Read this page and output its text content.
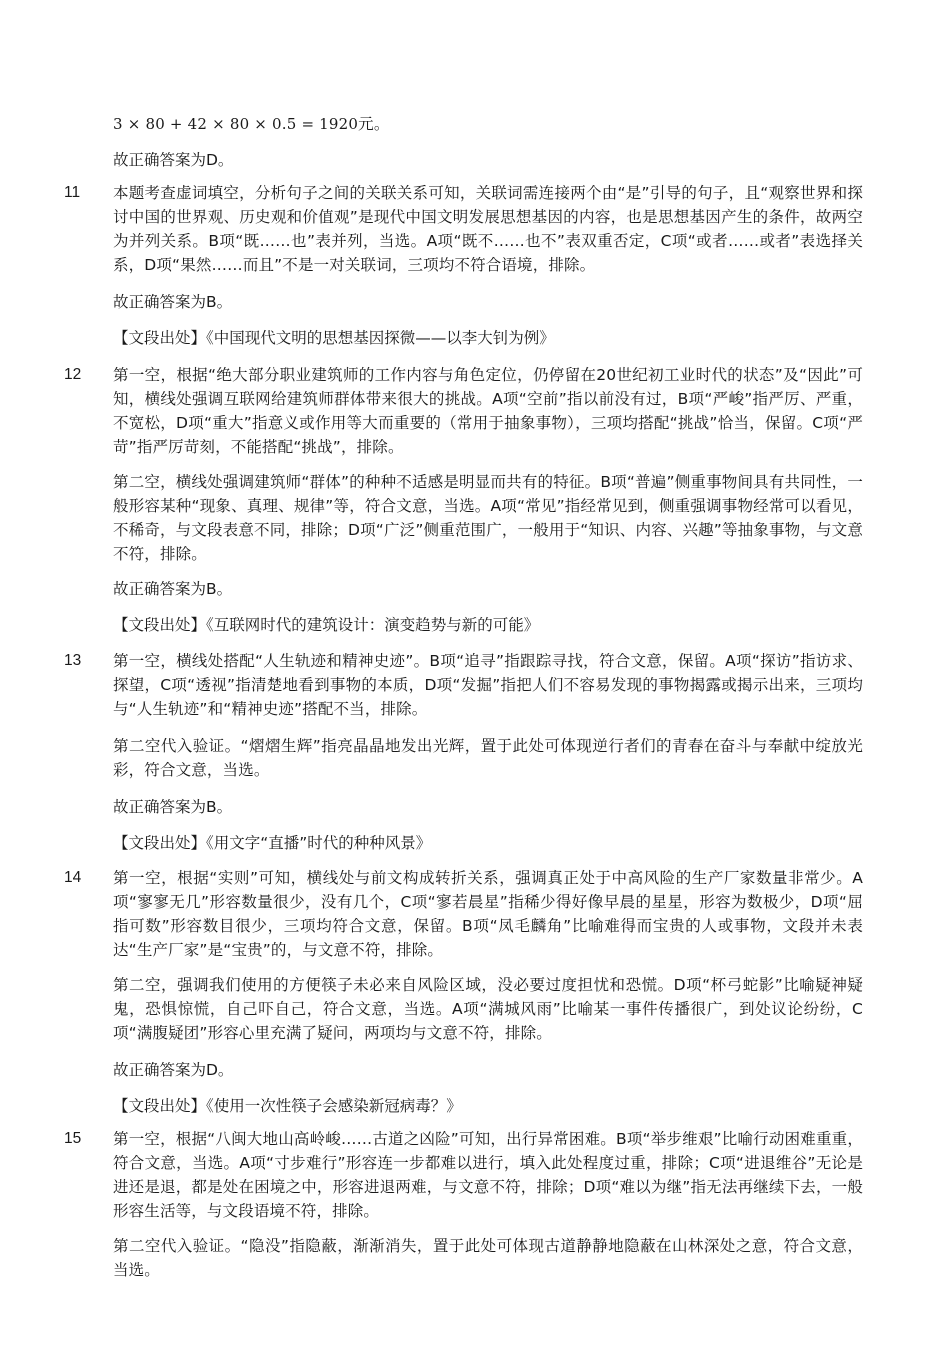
3 × 80 + 42 × 80 × 0.5 = 1920元。
故正确答案为D。
11 本题考查虚词填空，分析句子之间的关联关系可知，关联词需连接两个由“是”引导的句子，且“观察世界和探讨中国的世界观、历史观和价值观”是现代中国文明发展思想基因的内容，也是思想基因产生的条件，故两空为并列关系。B项“既……也”表并列，当选。A项“既不……也不”表双重否定，C项“或者……或者”表选择关系，D项“果然……而且”不是一对关联词，三项均不符合语境，排除。
故正确答案为B。
【文段出处】《中国现代文明的思想基因探微——以李大钊为例》
12 第一空，根据“绝大部分职业建筑师的工作内容与角色定位，仍停留在20世纪初工业时代的状态”及“因此”可知，横线处强调互联网给建筑师群体带来很大的挑战。A项“空前”指以前没有过，B项“严峻”指严厉、严重，不宽松，D项“重大”指意义或作用等大而重要的（常用于抽象事物），三项均搭配“挑战”恰当，保留。C项“严苛”指严厉苛刻，不能搭配“挑战”，排除。
第二空，横线处强调建筑师“群体”的种种不适感是明显而共有的特征。B项“普遍”侧重事物间具有共同性，一般形容某种“现象、真理、规律”等，符合文意，当选。A项“常见”指经常见到，侧重强调事物经常可以看见，不稀奇，与文段表意不同，排除；D项“广泛”侧重范围广，一般用于“知识、内容、兴趣”等抽象事物，与文意不符，排除。
故正确答案为B。
【文段出处】《互联网时代的建筑设计：演变趋势与新的可能》
13 第一空，横线处搭配“人生轨迹和精神史迹”。B项“追寻”指跟踪寻找，符合文意，保留。A项“探访”指访求、探望，C项“透视”指清楚地看到事物的本质，D项“发掘”指把人们不容易发现的事物揭露或揭示出来，三项均与“人生轨迹”和“精神史迹”搭配不当，排除。
第二空代入验证。“熠熠生辉”指亮晶晶地发出光辉，置于此处可体现逆行者们的青春在奋斗与奉献中绽放光彩，符合文意，当选。
故正确答案为B。
【文段出处】《用文字“直播”时代的种种风景》
14 第一空，根据“实则”可知，横线处与前文构成转折关系，强调真正处于中高风险的生产厂家数量非常少。A项“寥寥无几”形容数量很少，没有几个，C项“寥若晨星”指稀少得好像早晨的星星，形容为数极少，D项“屈指可数”形容数目很少，三项均符合文意，保留。B项“凤毛麟角”比喻难得而宝贵的人或事物，文段并未表达“生产厂家”是“宝贵”的，与文意不符，排除。
第二空，强调我们使用的方便筷子未必来自风险区域，没必要过度担忧和恐慌。D项“杯弓蛇影”比喻疑神疑鬼，恐惧惊慌，自己吓自己，符合文意，当选。A项“满城风雨”比喻某一事件传播很广，到处议论纷纷，C项“满腹疑团”形容心里充满了疑问，两项均与文意不符，排除。
故正确答案为D。
【文段出处】《使用一次性筷子会感染新冠病毒？》
15 第一空，根据“八闽大地山高岭峻……古道之凶险”可知，出行异常困难。B项“举步维艰”比喻行动困难重重，符合文意，当选。A项“寸步难行”形容连一步都难以进行，填入此处程度过重，排除；C项“进退维谷”无论是进还是退，都是处在困境之中，形容进退两难，与文意不符，排除；D项“难以为继”指无法再继续下去，一般形容生活等，与文段语境不符，排除。
第二空代入验证。“隐没”指隐蔽，渐渐消失，置于此处可体现古道静静地隐蔽在山林深处之意，符合文意，当选。
